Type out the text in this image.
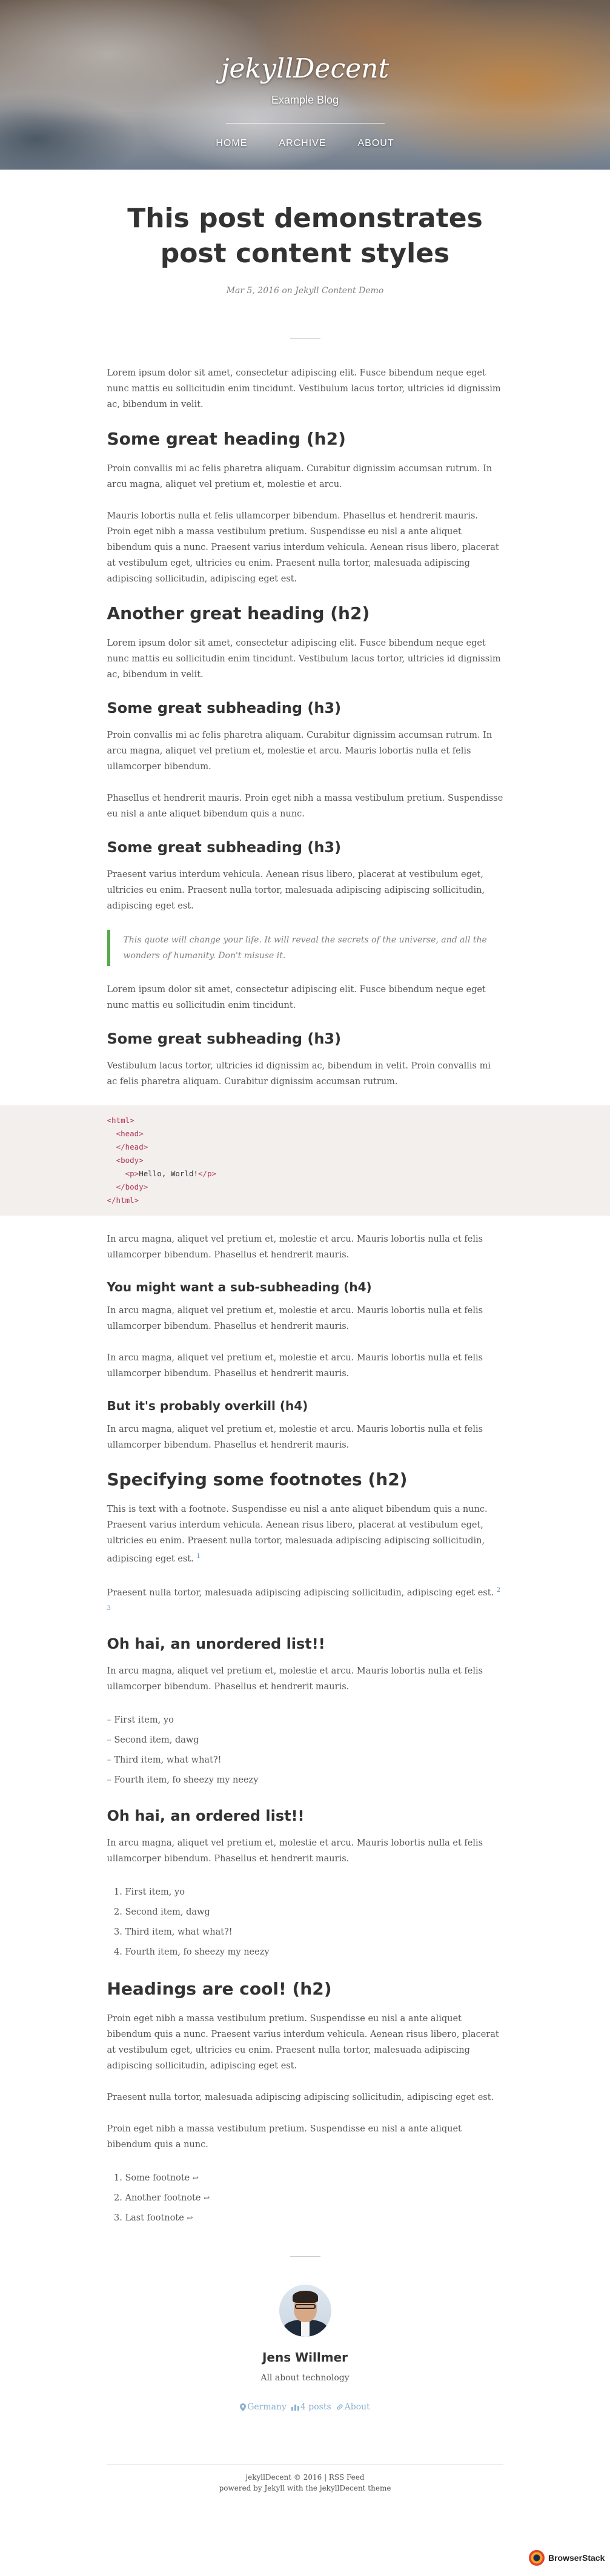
jekyllDecent
Example Blog
HOME	ARCHIVE	ABOUT
This post demonstrates post content styles
Mar 5, 2016 on Jekyll Content Demo

Lorem ipsum dolor sit amet, consectetur adipiscing elit. Fusce bibendum neque eget nunc mattis eu sollicitudin enim tincidunt. Vestibulum lacus tortor, ultricies id dignissim ac, bibendum in velit.

Some great heading (h2)

Proin convallis mi ac felis pharetra aliquam. Curabitur dignissim accumsan rutrum. In arcu magna, aliquet vel pretium et, molestie et arcu.

Mauris lobortis nulla et felis ullamcorper bibendum. Phasellus et hendrerit mauris. Proin eget nibh a massa vestibulum pretium. Suspendisse eu nisl a ante aliquet bibendum quis a nunc. Praesent varius interdum vehicula. Aenean risus libero, placerat at vestibulum eget, ultricies eu enim. Praesent nulla tortor, malesuada adipiscing adipiscing sollicitudin, adipiscing eget est.

Another great heading (h2)

Lorem ipsum dolor sit amet, consectetur adipiscing elit. Fusce bibendum neque eget nunc mattis eu sollicitudin enim tincidunt. Vestibulum lacus tortor, ultricies id dignissim ac, bibendum in velit.

Some great subheading (h3)

Proin convallis mi ac felis pharetra aliquam. Curabitur dignissim accumsan rutrum. In arcu magna, aliquet vel pretium et, molestie et arcu. Mauris lobortis nulla et felis ullamcorper bibendum.

Phasellus et hendrerit mauris. Proin eget nibh a massa vestibulum pretium. Suspendisse eu nisl a ante aliquet bibendum quis a nunc.

Some great subheading (h3)

Praesent varius interdum vehicula. Aenean risus libero, placerat at vestibulum eget, ultricies eu enim. Praesent nulla tortor, malesuada adipiscing adipiscing sollicitudin, adipiscing eget est.

This quote will change your life. It will reveal the secrets of the universe, and all the wonders of humanity. Don't misuse it.

Lorem ipsum dolor sit amet, consectetur adipiscing elit. Fusce bibendum neque eget nunc mattis eu sollicitudin enim tincidunt.

Some great subheading (h3)

Vestibulum lacus tortor, ultricies id dignissim ac, bibendum in velit. Proin convallis mi ac felis pharetra aliquam. Curabitur dignissim accumsan rutrum.

<html>
<head>
</head>
<body>
<p>Hello, World!</p>
</body>
</html>

In arcu magna, aliquet vel pretium et, molestie et arcu. Mauris lobortis nulla et felis ullamcorper bibendum. Phasellus et hendrerit mauris.

You might want a sub-subheading (h4)

In arcu magna, aliquet vel pretium et, molestie et arcu. Mauris lobortis nulla et felis ullamcorper bibendum. Phasellus et hendrerit mauris.

In arcu magna, aliquet vel pretium et, molestie et arcu. Mauris lobortis nulla et felis ullamcorper bibendum. Phasellus et hendrerit mauris.

But it's probably overkill (h4)

In arcu magna, aliquet vel pretium et, molestie et arcu. Mauris lobortis nulla et felis ullamcorper bibendum. Phasellus et hendrerit mauris.

Specifying some footnotes (h2)

This is text with a footnote. Suspendisse eu nisl a ante aliquet bibendum quis a nunc. Praesent varius interdum vehicula. Aenean risus libero, placerat at vestibulum eget, ultricies eu enim. Praesent nulla tortor, malesuada adipiscing adipiscing sollicitudin, adipiscing eget est. $^1$

Praesent nulla tortor, malesuada adipiscing adipiscing sollicitudin, adipiscing eget est. $^{2 3}$

Oh hai, an unordered list!!

In arcu magna, aliquet vel pretium et, molestie et arcu. Mauris lobortis nulla et felis ullamcorper bibendum. Phasellus et hendrerit mauris.

– First item, yo
– Second item, dawg
– Third item, what what?!
– Fourth item, fo sheezy my neezy
Oh hai, an ordered list!!

In arcu magna, aliquet vel pretium et, molestie et arcu. Mauris lobortis nulla et felis ullamcorper bibendum. Phasellus et hendrerit mauris.

1. First item, yo
2. Second item, dawg
3. Third item, what what?!
4. Fourth item, fo sheezy my neezy
Headings are cool! (h2)

Proin eget nibh a massa vestibulum pretium. Suspendisse eu nisl a ante aliquet bibendum quis a nunc. Praesent varius interdum vehicula. Aenean risus libero, placerat at vestibulum eget, ultricies eu enim. Praesent nulla tortor, malesuada adipiscing adipiscing sollicitudin, adipiscing eget est.

Praesent nulla tortor, malesuada adipiscing adipiscing sollicitudin, adipiscing eget est.

Proin eget nibh a massa vestibulum pretium. Suspendisse eu nisl a ante aliquet bibendum quis a nunc.

1. Some footnote ↩
2. Another footnote ↩
3. Last footnote ↩
Jens Willmer
All about technology
Germany 4 posts About
jekyllDecent © 2016 | RSS Feed
powered by Jekyll with the jekyllDecent theme
BrowserStack
